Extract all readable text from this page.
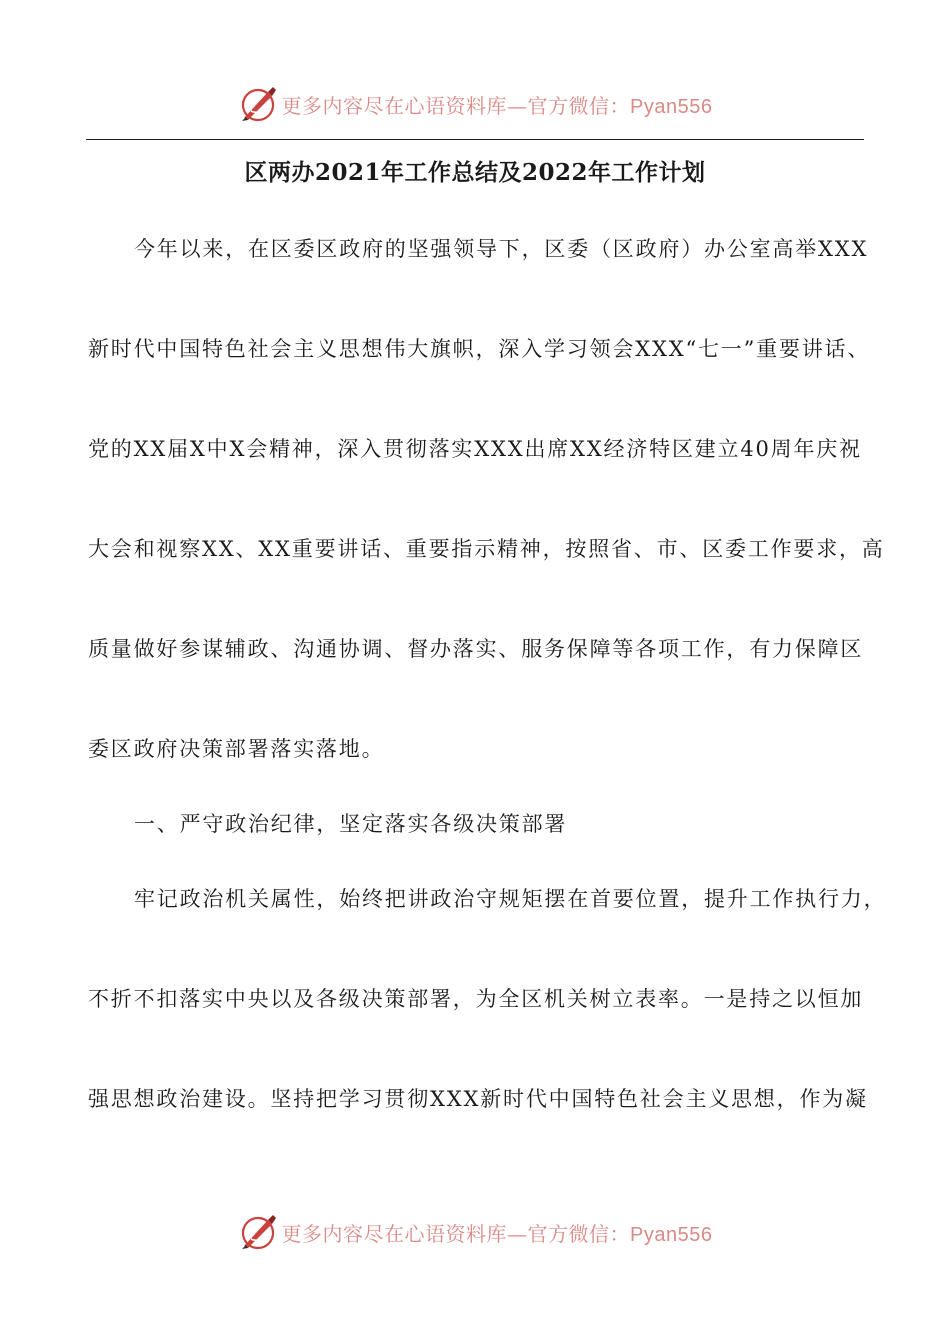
更多内容尽在心语资料库—官方微信：Pyan556
区两办2021年工作总结及2022年工作计划
今年以来，在区委区政府的坚强领导下，区委（区政府）办公室高举XXX
新时代中国特色社会主义思想伟大旗帜，深入学习领会XXX“七一”重要讲话、
党的XX届X中X会精神，深入贯彻落实XXX出席XX经济特区建立40周年庆祝
大会和视察XX、XX重要讲话、重要指示精神，按照省、市、区委工作要求，高
质量做好参谋辅政、沟通协调、督办落实、服务保障等各项工作，有力保障区
委区政府决策部署落实落地。
一、严守政治纪律，坚定落实各级决策部署
牢记政治机关属性，始终把讲政治守规矩摆在首要位置，提升工作执行力，
不折不扣落实中央以及各级决策部署，为全区机关树立表率。一是持之以恒加
强思想政治建设。坚持把学习贯彻XXX新时代中国特色社会主义思想，作为凝
更多内容尽在心语资料库—官方微信：Pyan556
